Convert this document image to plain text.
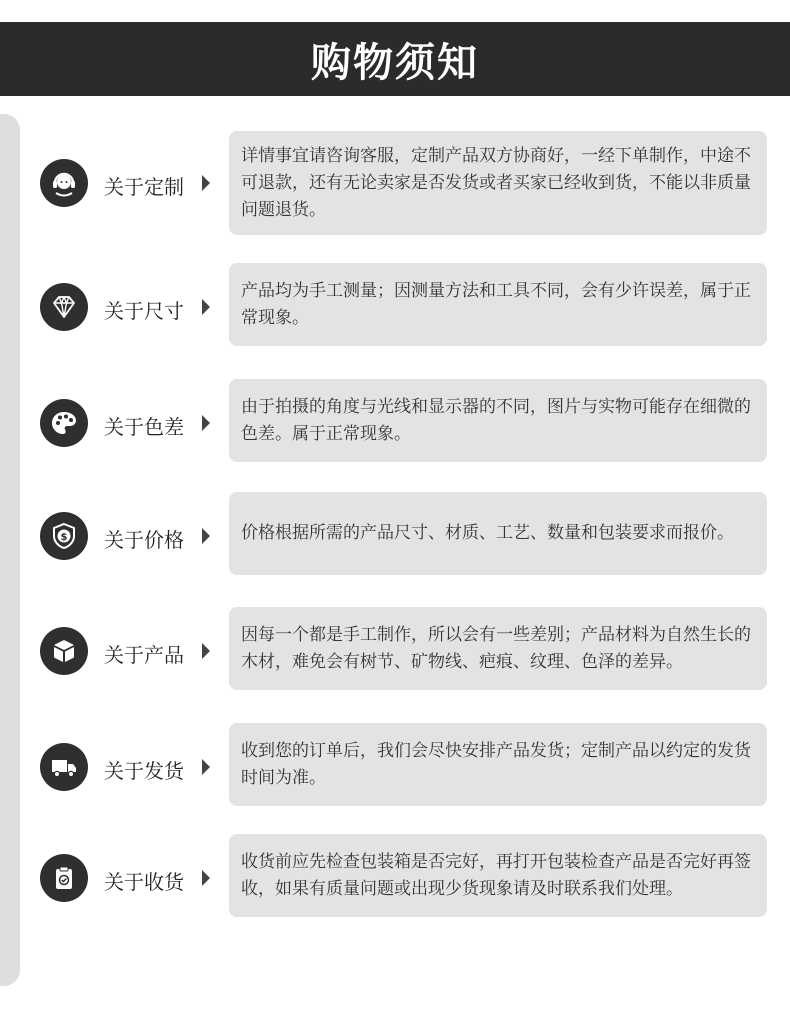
购物须知
关于定制
详情事宜请咨询客服，定制产品双方协商好，一经下单制作，中途不可退款，还有无论卖家是否发货或者买家已经收到货，不能以非质量问题退货。
关于尺寸
产品均为手工测量；因测量方法和工具不同，会有少许误差，属于正常现象。
关于色差
由于拍摄的角度与光线和显示器的不同，图片与实物可能存在细微的色差。属于正常现象。
$ 关于价格	价格根据所需的产品尺寸、材质、工艺、数量和包装要求而报价。
关于产品
因每一个都是手工制作，所以会有一些差别；产品材料为自然生长的木材，难免会有树节、矿物线、疤痕、纹理、色泽的差异。
关于发货
收到您的订单后，我们会尽快安排产品发货；定制产品以约定的发货时间为准。
关于收货
收货前应先检查包装箱是否完好，再打开包装检查产品是否完好再签收，如果有质量问题或出现少货现象请及时联系我们处理。
